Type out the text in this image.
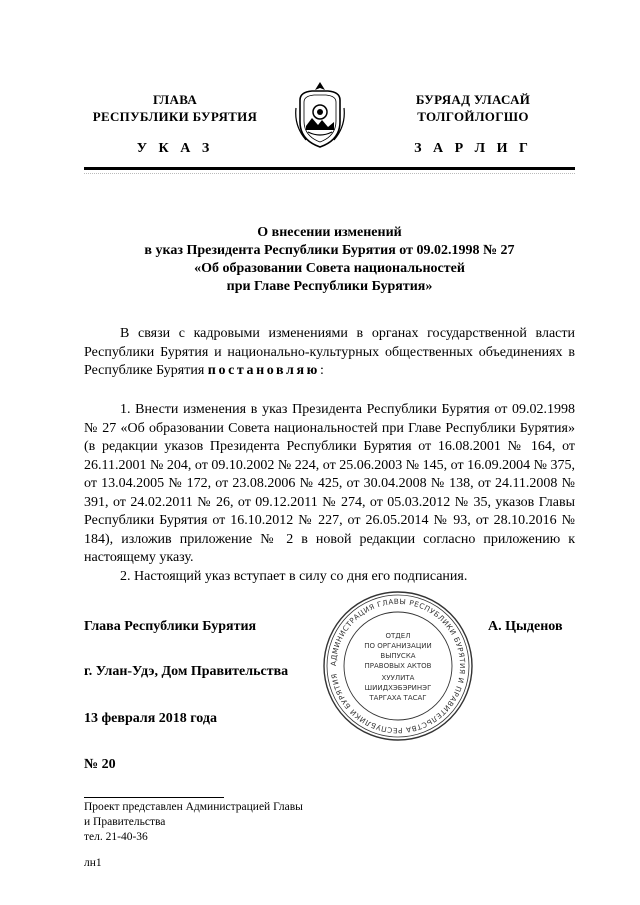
ГЛАВА
РЕСПУБЛИКИ БУРЯТИЯ
БУРЯАД УЛАСАЙ
ТОЛГОЙЛОГШО
У К А З	З А Р Л И Г
О внесении изменений
в указ Президента Республики Бурятия от 09.02.1998 № 27
«Об образовании Совета национальностей
при Главе Республики Бурятия»
В связи с кадровыми изменениями в органах государственной власти Республики Бурятия и национально-культурных общественных объединениях в Республике Бурятия постановляю:
1. Внести изменения в указ Президента Республики Бурятия от 09.02.1998 № 27 «Об образовании Совета национальностей при Главе Республики Бурятия» (в редакции указов Президента Республики Бурятия от 16.08.2001 № 164, от 26.11.2001 № 204, от 09.10.2002 № 224, от 25.06.2003 № 145, от 16.09.2004 № 375, от 13.04.2005 № 172, от 23.08.2006 № 425, от 30.04.2008 № 138, от 24.11.2008 № 391, от 24.02.2011 № 26, от 09.12.2011 № 274, от 05.03.2012 № 35, указов Главы Республики Бурятия от 16.10.2012 № 227, от 26.05.2014 № 93, от 28.10.2016 № 184), изложив приложение № 2 в новой редакции согласно приложению к настоящему указу.
2. Настоящий указ вступает в силу со дня его подписания.
АДМИНИСТРАЦИЯ ГЛАВЫ РЕСПУБЛИКИ БУРЯТИЯ И ПРАВИТЕЛЬСТВА РЕСПУБЛИКИ БУРЯТИЯ
ОТДЕЛ
ПО ОРГАНИЗАЦИИ
ВЫПУСКА
ПРАВОВЫХ АКТОВ
ХУУЛИТА
ШИИДХЭБЭРИНЭГ
ТАРГАХА ТАСАГ
Глава Республики Бурятия	А. Цыденов
г. Улан-Удэ, Дом Правительства
13 февраля 2018 года
№ 20
Проект представлен Администрацией Главы
и Правительства
тел. 21-40-36
лн1
